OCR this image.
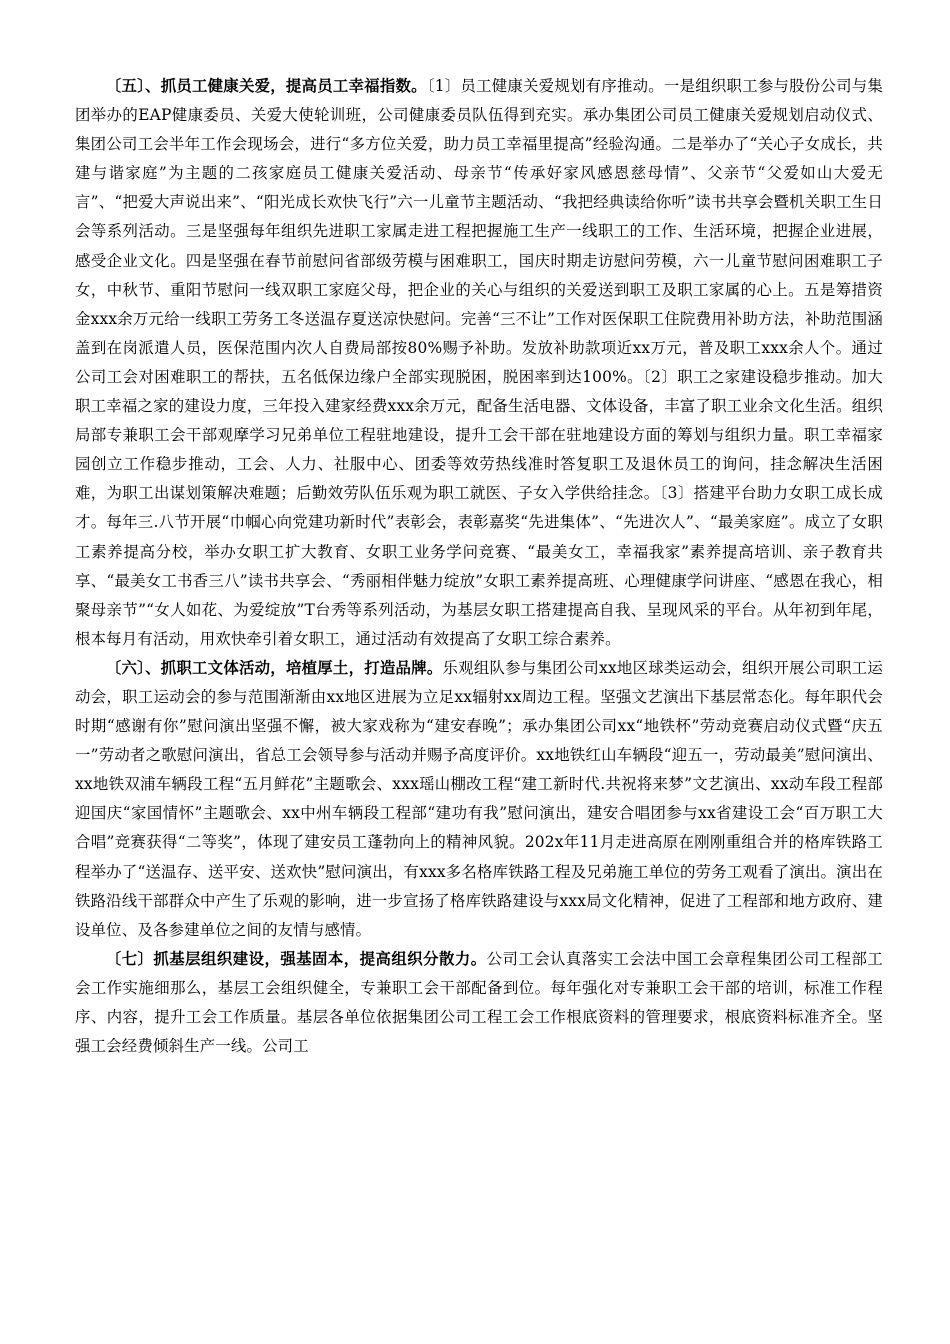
〔五〕、抓员工健康关爱，提高员工幸福指数。〔1〕员工健康关爱规划有序推动。一是组织职工参与股份公司与集团举办的EAP健康委员、关爱大使轮训班，公司健康委员队伍得到充实。承办集团公司员工健康关爱规划启动仪式、集团公司工会半年工作会现场会，进行“多方位关爱，助力员工幸福里提高”经验沟通。二是举办了“关心子女成长，共建与谐家庭”为主题的二孩家庭员工健康关爱活动、母亲节“传承好家风感恩慈母情”、父亲节“父爱如山大爱无言”、“把爱大声说出来”、“阳光成长欢快飞行”六一儿童节主题活动、“我把经典读给你听”读书共享会暨机关职工生日会等系列活动。三是坚强每年组织先进职工家属走进工程把握施工生产一线职工的工作、生活环境，把握企业进展，感受企业文化。四是坚强在春节前慰问省部级劳模与困难职工，国庆时期走访慰问劳模，六一儿童节慰问困难职工子女，中秋节、重阳节慰问一线双职工家庭父母，把企业的关心与组织的关爱送到职工及职工家属的心上。五是筹措资金xxx余万元给一线职工劳务工冬送温存夏送凉快慰问。完善“三不让”工作对医保职工住院费用补助方法，补助范围涵盖到在岗派遣人员，医保范围内次人自费局部按80%赐予补助。发放补助款项近xx万元，普及职工xxx余人个。通过公司工会对困难职工的帮扶，五名低保边缘户全部实现脱困，脱困率到达100%。〔2〕职工之家建设稳步推动。加大职工幸福之家的建设力度，三年投入建家经费xxx余万元，配备生活电器、文体设备，丰富了职工业余文化生活。组织局部专兼职工会干部观摩学习兄弟单位工程驻地建设，提升工会干部在驻地建设方面的筹划与组织力量。职工幸福家园创立工作稳步推动，工会、人力、社服中心、团委等效劳热线准时答复职工及退休员工的询问，挂念解决生活困难，为职工出谋划策解决难题；后勤效劳队伍乐观为职工就医、子女入学供给挂念。〔3〕搭建平台助力女职工成长成才。每年三.八节开展“巾帼心向党建功新时代”表彰会，表彰嘉奖“先进集体”、“先进次人”、“最美家庭”。成立了女职工素养提高分校，举办女职工扩大教育、女职工业务学问竞赛、“最美女工，幸福我家”素养提高培训、亲子教育共享、“最美女工书香三八”读书共享会、“秀丽相伴魅力绽放”女职工素养提高班、心理健康学问讲座、“感恩在我心，相聚母亲节”“女人如花、为爱绽放”T台秀等系列活动，为基层女职工搭建提高自我、呈现风采的平台。从年初到年尾，根本每月有活动，用欢快牵引着女职工，通过活动有效提高了女职工综合素养。

〔六〕、抓职工文体活动，培植厚土，打造品牌。乐观组队参与集团公司xx地区球类运动会，组织开展公司职工运动会，职工运动会的参与范围渐渐由xx地区进展为立足xx辐射xx周边工程。坚强文艺演出下基层常态化。每年职代会时期“感谢有你”慰问演出坚强不懈，被大家戏称为“建安春晚”；承办集团公司xx“地铁杯”劳动竞赛启动仪式暨“庆五一”劳动者之歌慰问演出，省总工会领导参与活动并赐予高度评价。xx地铁红山车辆段“迎五一，劳动最美”慰问演出、xx地铁双浦车辆段工程“五月鲜花”主题歌会、xxx瑶山棚改工程“建工新时代.共祝将来梦”文艺演出、xx动车段工程部迎国庆“家国情怀”主题歌会、xx中州车辆段工程部“建功有我”慰问演出，建安合唱团参与xx省建设工会“百万职工大合唱”竞赛获得“二等奖”，体现了建安员工蓬勃向上的精神风貌。202x年11月走进高原在刚刚重组合并的格库铁路工程举办了“送温存、送平安、送欢快”慰问演出，有xxx多名格库铁路工程及兄弟施工单位的劳务工观看了演出。演出在铁路沿线干部群众中产生了乐观的影响，进一步宣扬了格库铁路建设与xxx局文化精神，促进了工程部和地方政府、建设单位、及各参建单位之间的友情与感情。

〔七〕抓基层组织建设，强基固本，提高组织分散力。公司工会认真落实工会法中国工会章程集团公司工程部工会工作实施细那么，基层工会组织健全，专兼职工会干部配备到位。每年强化对专兼职工会干部的培训，标准工作程序、内容，提升工会工作质量。基层各单位依据集团公司工程工会工作根底资料的管理要求，根底资料标准齐全。坚强工会经费倾斜生产一线。公司工
